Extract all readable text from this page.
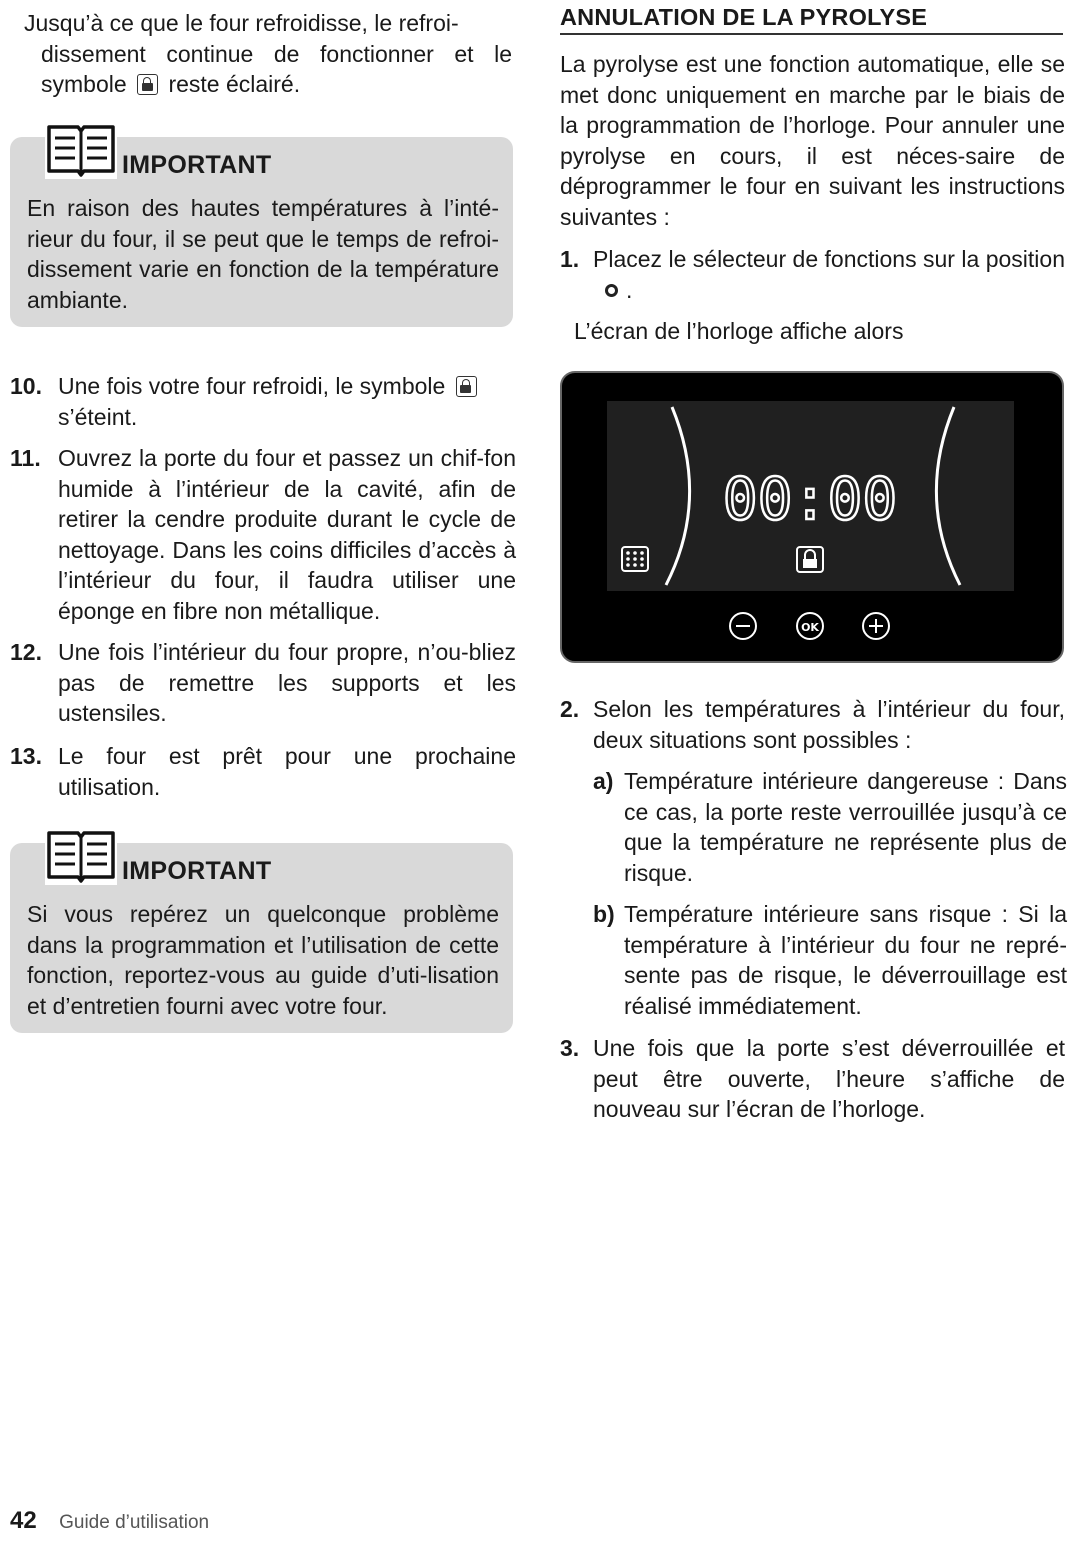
Jusqu’à ce que le four refroidisse, le refroi-
dissement continue de fonctionner et le symbole reste éclairé.
IMPORTANT

En raison des hautes températures à l’inté-rieur du four, il se peut que le temps de refroi-dissement varie en fonction de la température ambiante.

10. Une fois votre four refroidi, le symbole
s’éteint.
11. Ouvrez la porte du four et passez un chif-fon humide à l’intérieur de la cavité, afin de retirer la cendre produite durant le cycle de nettoyage. Dans les coins difficiles d’accès à l’intérieur du four, il faudra utiliser une éponge en fibre non métallique.
12. Une fois l’intérieur du four propre, n’ou-bliez pas de remettre les supports et les ustensiles.
13. Le four est prêt pour une prochaine utilisation.
IMPORTANT

Si vous repérez un quelconque problème dans la programmation et l’utilisation de cette fonction, reportez-vous au guide d’uti-lisation et d’entretien fourni avec votre four.

ANNULATION DE LA PYROLYSE
La pyrolyse est une fonction automatique, elle se met donc uniquement en marche par le biais de la programmation de l’horloge. Pour annuler une pyrolyse en cours, il est néces-saire de déprogrammer le four en suivant les instructions suivantes :
1. Placez le sélecteur de fonctions sur la position.
L’écran de l’horloge affiche alors
00:00
OK
2. Selon les températures à l’intérieur du four, deux situations sont possibles :
a) Température intérieure dangereuse : Dans ce cas, la porte reste verrouillée jusqu’à ce que la température ne représente plus de risque.
b) Température intérieure sans risque : Si la température à l’intérieur du four ne repré-sente pas de risque, le déverrouillage est réalisé immédiatement.
3. Une fois que la porte s’est déverrouillée et peut être ouverte, l’heure s’affiche de nouveau sur l’écran de l’horloge.
42 Guide d’utilisation
